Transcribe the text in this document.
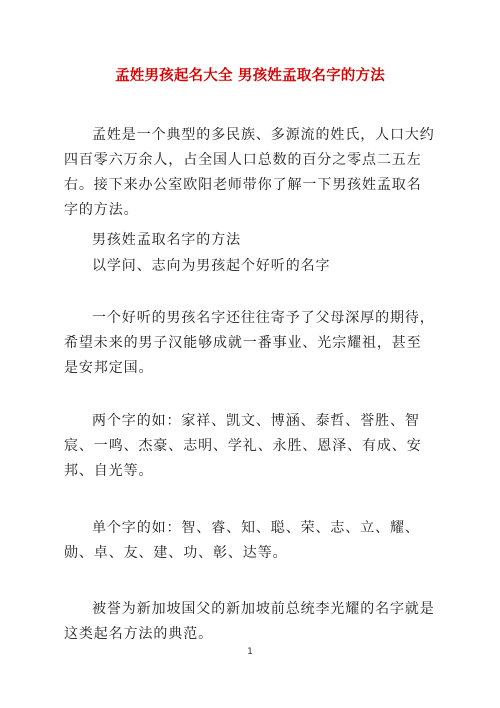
孟姓男孩起名大全 男孩姓孟取名字的方法

孟姓是一个典型的多民族、多源流的姓氏，人口大约四百零六万余人，占全国人口总数的百分之零点二五左右。接下来办公室欧阳老师带你了解一下男孩姓孟取名字的方法。

男孩姓孟取名字的方法
以学问、志向为男孩起个好听的名字

一个好听的男孩名字还往往寄予了父母深厚的期待，希望未来的男子汉能够成就一番事业、光宗耀祖，甚至是安邦定国。

两个字的如：家祥、凯文、博涵、泰哲、誉胜、智宸、一鸣、杰豪、志明、学礼、永胜、恩泽、有成、安邦、自光等。

单个字的如：智、睿、知、聪、荣、志、立、耀、勋、卓、友、建、功、彰、达等。

被誉为新加坡国父的新加坡前总统李光耀的名字就是这类起名方法的典范。

1
